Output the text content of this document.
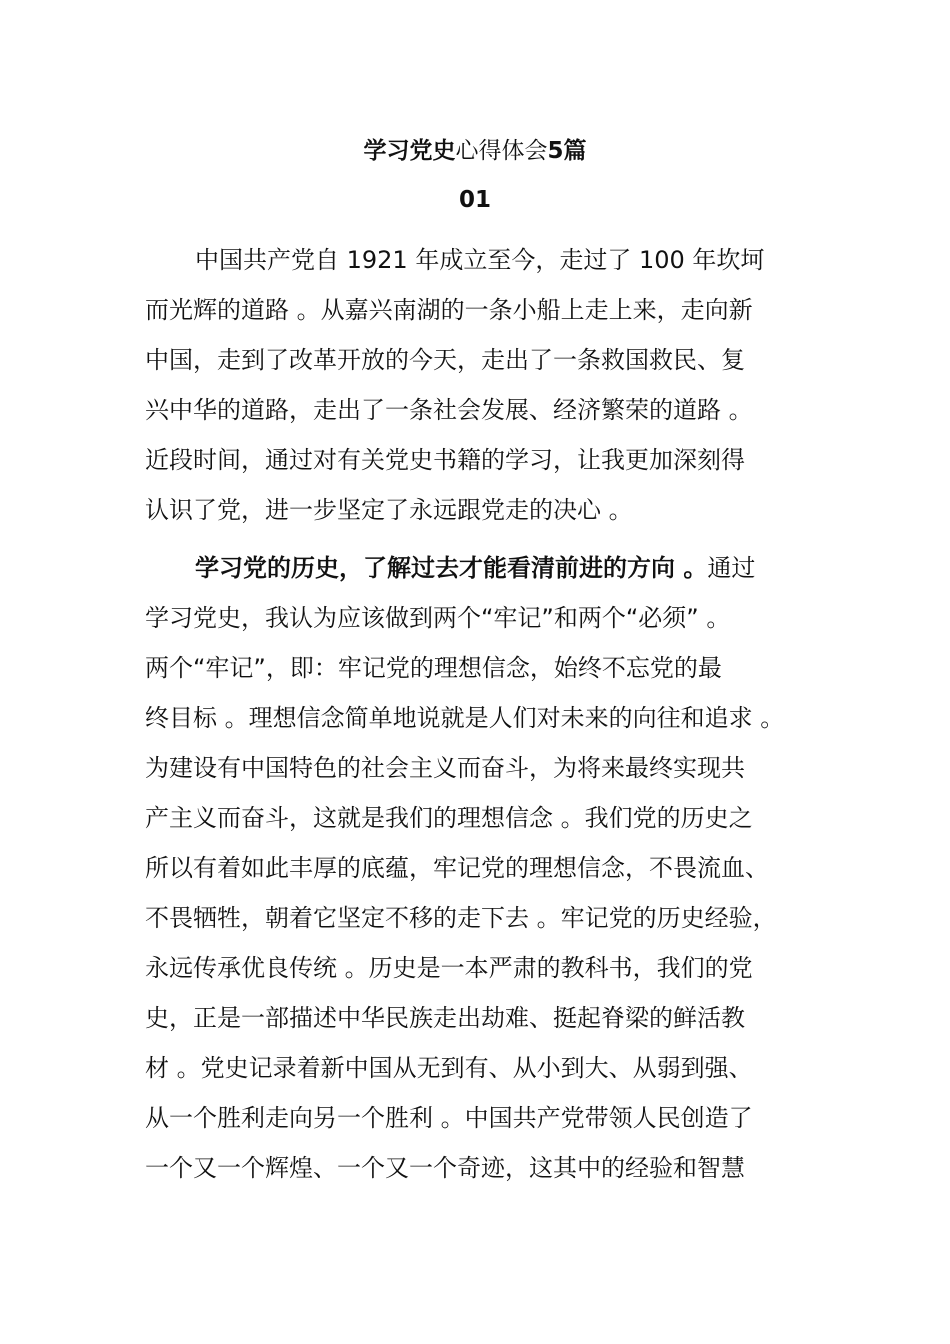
学习党史心得体会5篇
01
中国共产党自 1921 年成立至今，走过了 100 年坎坷
而光辉的道路 。从嘉兴南湖的一条小船上走上来，走向新
中国，走到了改革开放的今天，走出了一条救国救民、复
兴中华的道路，走出了一条社会发展、经济繁荣的道路 。
近段时间，通过对有关党史书籍的学习，让我更加深刻得
认识了党，进一步坚定了永远跟党走的决心 。
学习党的历史，了解过去才能看清前进的方向 。通过
学习党史，我认为应该做到两个“牢记”和两个“必须” 。
两个“牢记”，即：牢记党的理想信念，始终不忘党的最
终目标 。理想信念简单地说就是人们对未来的向往和追求 。
为建设有中国特色的社会主义而奋斗，为将来最终实现共
产主义而奋斗，这就是我们的理想信念 。我们党的历史之
所以有着如此丰厚的底蕴，牢记党的理想信念，不畏流血、
不畏牺牲，朝着它坚定不移的走下去 。牢记党的历史经验，
永远传承优良传统 。历史是一本严肃的教科书，我们的党
史，正是一部描述中华民族走出劫难、挺起脊梁的鲜活教
材 。党史记录着新中国从无到有、从小到大、从弱到强、
从一个胜利走向另一个胜利 。中国共产党带领人民创造了
一个又一个辉煌、一个又一个奇迹，这其中的经验和智慧
